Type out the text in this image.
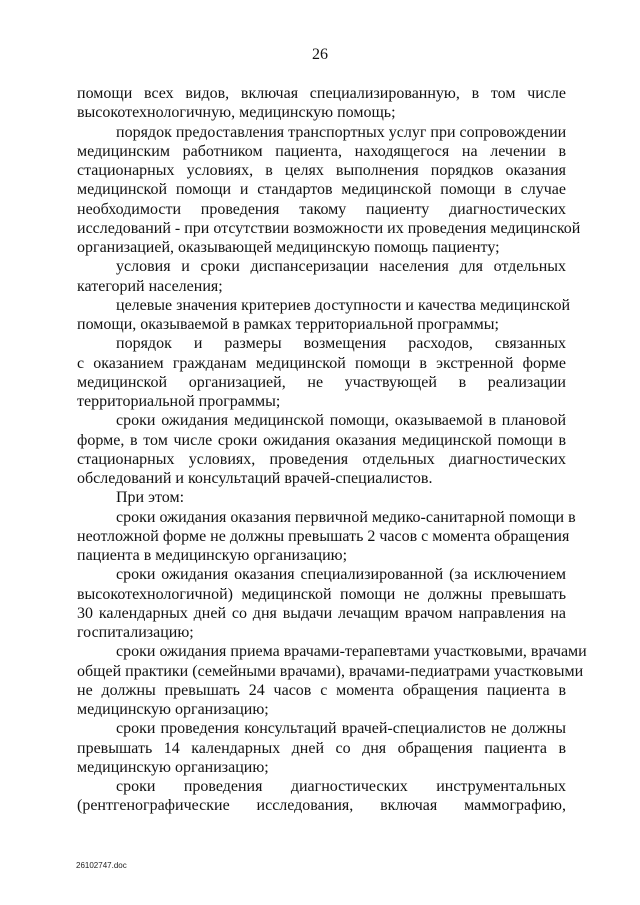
26
помощи всех видов, включая специализированную, в том числе
высокотехнологичную, медицинскую помощь;
порядок предоставления транспортных услуг при сопровождении
медицинским работником пациента, находящегося на лечении в
стационарных условиях, в целях выполнения порядков оказания
медицинской помощи и стандартов медицинской помощи в случае
необходимости проведения такому пациенту диагностических
исследований - при отсутствии возможности их проведения медицинской
организацией, оказывающей медицинскую помощь пациенту;
условия и сроки диспансеризации населения для отдельных
категорий населения;
целевые значения критериев доступности и качества медицинской
помощи, оказываемой в рамках территориальной программы;
порядок и размеры возмещения расходов, связанных
с оказанием гражданам медицинской помощи в экстренной форме
медицинской организацией, не участвующей в реализации
территориальной программы;
сроки ожидания медицинской помощи, оказываемой в плановой
форме, в том числе сроки ожидания оказания медицинской помощи в
стационарных условиях, проведения отдельных диагностических
обследований и консультаций врачей-специалистов.
При этом:
сроки ожидания оказания первичной медико-санитарной помощи в
неотложной форме не должны превышать 2 часов с момента обращения
пациента в медицинскую организацию;
сроки ожидания оказания специализированной (за исключением
высокотехнологичной) медицинской помощи не должны превышать
30 календарных дней со дня выдачи лечащим врачом направления на
госпитализацию;
сроки ожидания приема врачами-терапевтами участковыми, врачами
общей практики (семейными врачами), врачами-педиатрами участковыми
не должны превышать 24 часов с момента обращения пациента в
медицинскую организацию;
сроки проведения консультаций врачей-специалистов не должны
превышать 14 календарных дней со дня обращения пациента в
медицинскую организацию;
сроки проведения диагностических инструментальных
(рентгенографические исследования, включая маммографию,
26102747.doc
